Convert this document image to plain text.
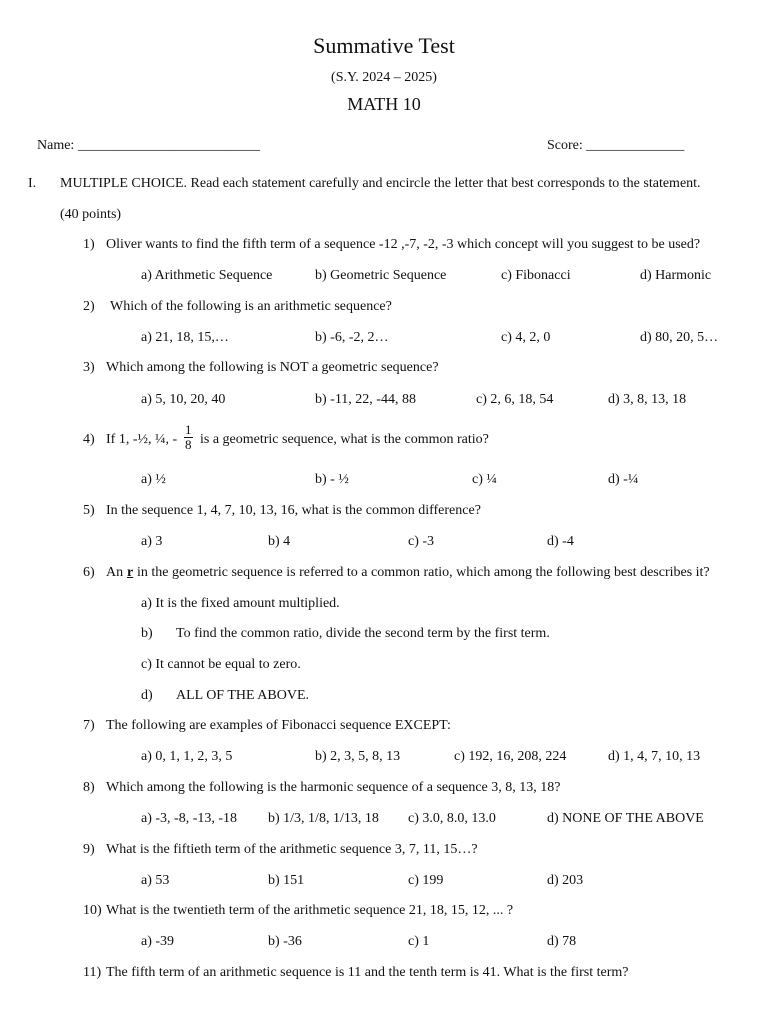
Summative Test
(S.Y. 2024 – 2025)
MATH 10
Name: __________________________	Score: ______________
I. MULTIPLE CHOICE. Read each statement carefully and encircle the letter that best corresponds to the statement.
(40 points)
1) Oliver wants to find the fifth term of a sequence -12 ,-7, -2, -3 which concept will you suggest to be used?
a) Arithmetic Sequence	b) Geometric Sequence	c) Fibonacci	d) Harmonic
2) Which of the following is an arithmetic sequence?
a) 21, 18, 15,…	b) -6, -2, 2…	c) 4, 2, 0	d) 80, 20, 5…
3) Which among the following is NOT a geometric sequence?
a) 5, 10, 20, 40	b) -11, 22, -44, 88	c) 2, 6, 18, 54	d) 3, 8, 13, 18
4) If 1, -½, ¼, - $\frac{1}{8}$ is a geometric sequence, what is the common ratio?
a) ½	b) - ½	c) ¼	d) -¼
5) In the sequence 1, 4, 7, 10, 13, 16, what is the common difference?
a) 3	b) 4	c) -3	d) -4
6) An r in the geometric sequence is referred to a common ratio, which among the following best describes it?
a) It is the fixed amount multiplied.
b) To find the common ratio, divide the second term by the first term.
c) It cannot be equal to zero.
d) ALL OF THE ABOVE.
7) The following are examples of Fibonacci sequence EXCEPT:
a) 0, 1, 1, 2, 3, 5	b) 2, 3, 5, 8, 13	c) 192, 16, 208, 224	d) 1, 4, 7, 10, 13
8) Which among the following is the harmonic sequence of a sequence 3, 8, 13, 18?
a) -3, -8, -13, -18 b) 1/3, 1/8, 1/13, 18 c) 3.0, 8.0, 13.0	d) NONE OF THE ABOVE
9) What is the fiftieth term of the arithmetic sequence 3, 7, 11, 15…?
a) 53	b) 151	c) 199	d) 203
10) What is the twentieth term of the arithmetic sequence 21, 18, 15, 12, ... ?
a) -39	b) -36	c) 1	d) 78
11) The fifth term of an arithmetic sequence is 11 and the tenth term is 41. What is the first term?
